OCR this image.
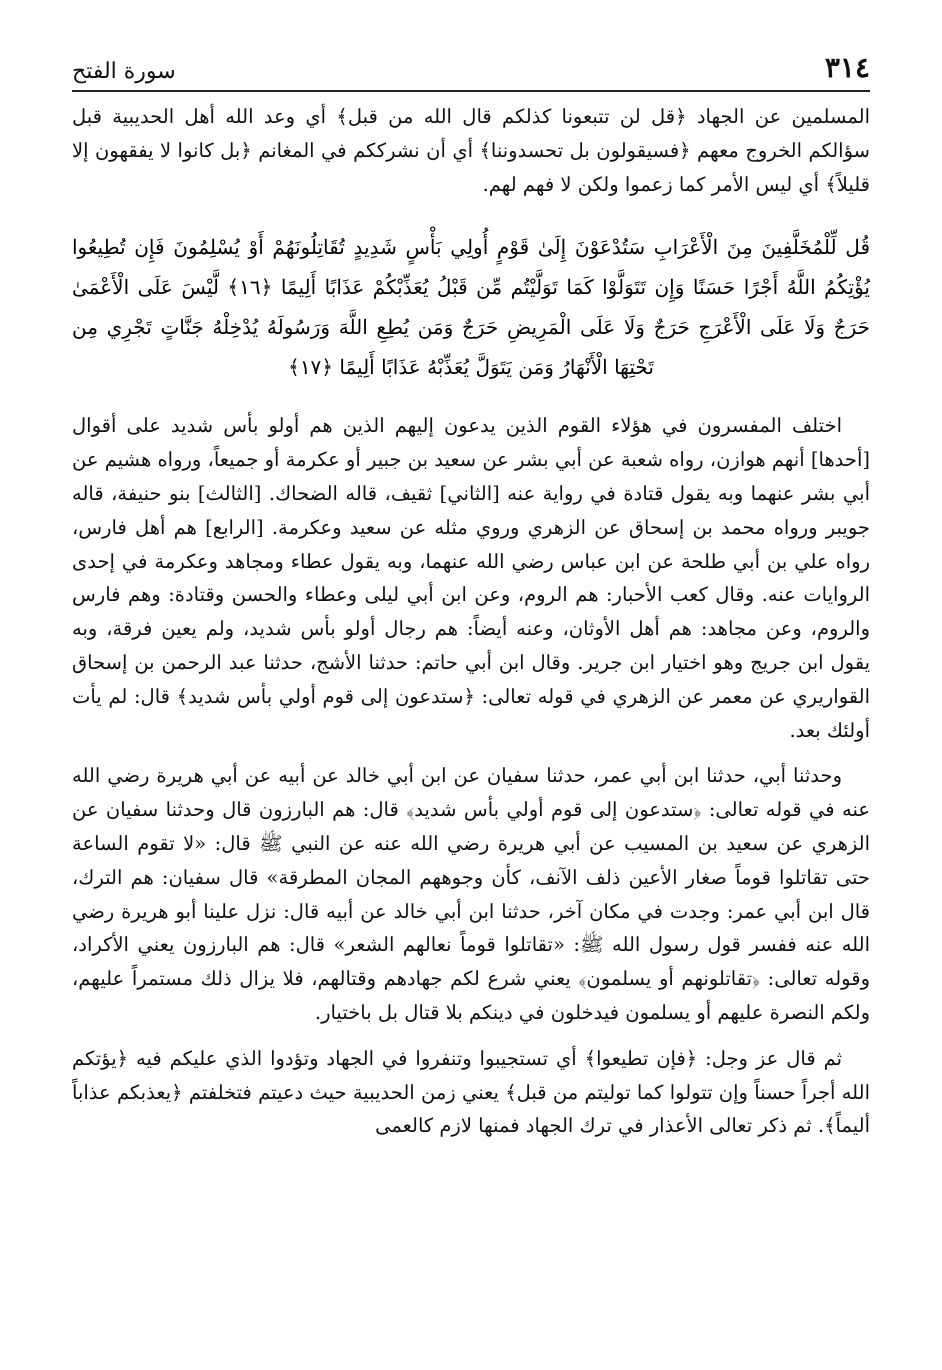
٣١٤
سورة الفتح

المسلمين عن الجهاد ﴿قل لن تتبعونا كذلكم قال الله من قبل﴾ أي وعد الله أهل الحديبية قبل سؤالكم الخروج معهم ﴿فسيقولون بل تحسدوننا﴾ أي أن نشرككم في المغانم ﴿بل كانوا لا يفقهون إلا قليلاً﴾ أي ليس الأمر كما زعموا ولكن لا فهم لهم.

قُل لِّلْمُخَلَّفِينَ مِنَ الْأَعْرَابِ سَتُدْعَوْنَ إِلَىٰ قَوْمٍ أُولِي بَأْسٍ شَدِيدٍ تُقَاتِلُونَهُمْ أَوْ يُسْلِمُونَ فَإِن تُطِيعُوا يُؤْتِكُمُ اللَّهُ أَجْرًا حَسَنًا وَإِن تَتَوَلَّوْا كَمَا تَوَلَّيْتُم مِّن قَبْلُ يُعَذِّبْكُمْ عَذَابًا أَلِيمًا ﴿١٦﴾ لَّيْسَ عَلَى الْأَعْمَىٰ حَرَجٌ وَلَا عَلَى الْأَعْرَجِ حَرَجٌ وَلَا عَلَى الْمَرِيضِ حَرَجٌ وَمَن يُطِعِ اللَّهَ وَرَسُولَهُ يُدْخِلْهُ جَنَّاتٍ تَجْرِي مِن تَحْتِهَا الْأَنْهَارُ وَمَن يَتَوَلَّ يُعَذِّبْهُ عَذَابًا أَلِيمًا ﴿١٧﴾

اختلف المفسرون في هؤلاء القوم الذين يدعون إليهم الذين هم أولو بأس شديد على أقوال [أحدها] أنهم هوازن، رواه شعبة عن أبي بشر عن سعيد بن جبير أو عكرمة أو جميعاً، ورواه هشيم عن أبي بشر عنهما وبه يقول قتادة في رواية عنه [الثاني] ثقيف، قاله الضحاك. [الثالث] بنو حنيفة، قاله جويبر ورواه محمد بن إسحاق عن الزهري وروي مثله عن سعيد وعكرمة. [الرابع] هم أهل فارس، رواه علي بن أبي طلحة عن ابن عباس رضي الله عنهما، وبه يقول عطاء ومجاهد وعكرمة في إحدى الروايات عنه. وقال كعب الأحبار: هم الروم، وعن ابن أبي ليلى وعطاء والحسن وقتادة: وهم فارس والروم، وعن مجاهد: هم أهل الأوثان، وعنه أيضاً: هم رجال أولو بأس شديد، ولم يعين فرقة، وبه يقول ابن جريج وهو اختيار ابن جرير. وقال ابن أبي حاتم: حدثنا الأشج، حدثنا عبد الرحمن بن إسحاق القواريري عن معمر عن الزهري في قوله تعالى: ﴿ستدعون إلى قوم أولي بأس شديد﴾ قال: لم يأت أولئك بعد.

وحدثنا أبي، حدثنا ابن أبي عمر، حدثنا سفيان عن ابن أبي خالد عن أبيه عن أبي هريرة رضي الله عنه في قوله تعالى: ﴿ستدعون إلى قوم أولي بأس شديد﴾ قال: هم البارزون قال وحدثنا سفيان عن الزهري عن سعيد بن المسيب عن أبي هريرة رضي الله عنه عن النبي ﷺ قال: «لا تقوم الساعة حتى تقاتلوا قوماً صغار الأعين ذلف الآنف، كأن وجوههم المجان المطرقة» قال سفيان: هم الترك، قال ابن أبي عمر: وجدت في مكان آخر، حدثنا ابن أبي خالد عن أبيه قال: نزل علينا أبو هريرة رضي الله عنه ففسر قول رسول الله ﷺ: «تقاتلوا قوماً نعالهم الشعر» قال: هم البارزون يعني الأكراد، وقوله تعالى: ﴿تقاتلونهم أو يسلمون﴾ يعني شرع لكم جهادهم وقتالهم، فلا يزال ذلك مستمراً عليهم، ولكم النصرة عليهم أو يسلمون فيدخلون في دينكم بلا قتال بل باختيار.

ثم قال عز وجل: ﴿فإن تطيعوا﴾ أي تستجيبوا وتنفروا في الجهاد وتؤدوا الذي عليكم فيه ﴿يؤتكم الله أجراً حسناً وإن تتولوا كما توليتم من قبل﴾ يعني زمن الحديبية حيث دعيتم فتخلفتم ﴿يعذبكم عذاباً أليماً﴾. ثم ذكر تعالى الأعذار في ترك الجهاد فمنها لازم كالعمى
